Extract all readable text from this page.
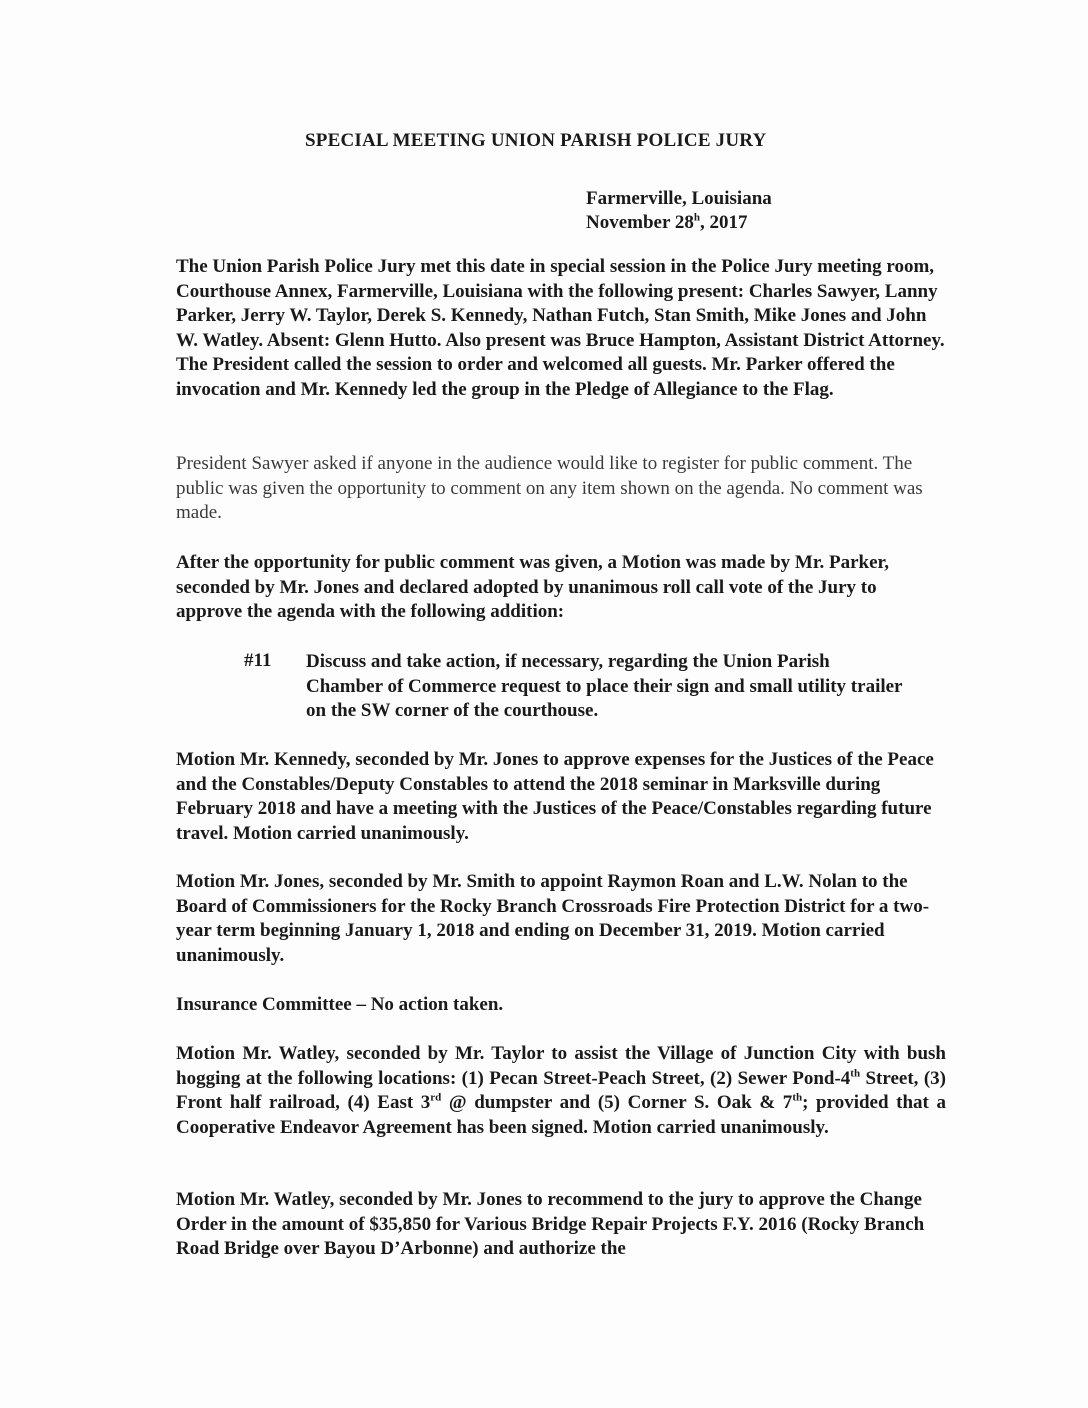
SPECIAL MEETING UNION PARISH POLICE JURY
Farmerville, Louisiana
November 28$^h$, 2017
The Union Parish Police Jury met this date in special session in the Police Jury meeting room, Courthouse Annex, Farmerville, Louisiana with the following present: Charles Sawyer, Lanny Parker, Jerry W. Taylor, Derek S. Kennedy, Nathan Futch, Stan Smith, Mike Jones and John W. Watley. Absent: Glenn Hutto. Also present was Bruce Hampton, Assistant District Attorney. The President called the session to order and welcomed all guests. Mr. Parker offered the invocation and Mr. Kennedy led the group in the Pledge of Allegiance to the Flag.
President Sawyer asked if anyone in the audience would like to register for public comment. The public was given the opportunity to comment on any item shown on the agenda. No comment was made.
After the opportunity for public comment was given, a Motion was made by Mr. Parker, seconded by Mr. Jones and declared adopted by unanimous roll call vote of the Jury to approve the agenda with the following addition:
#11 Discuss and take action, if necessary, regarding the Union Parish Chamber of Commerce request to place their sign and small utility trailer on the SW corner of the courthouse.
Motion Mr. Kennedy, seconded by Mr. Jones to approve expenses for the Justices of the Peace and the Constables/Deputy Constables to attend the 2018 seminar in Marksville during February 2018 and have a meeting with the Justices of the Peace/Constables regarding future travel. Motion carried unanimously.
Motion Mr. Jones, seconded by Mr. Smith to appoint Raymon Roan and L.W. Nolan to the Board of Commissioners for the Rocky Branch Crossroads Fire Protection District for a two-year term beginning January 1, 2018 and ending on December 31, 2019. Motion carried unanimously.
Insurance Committee – No action taken.
Motion Mr. Watley, seconded by Mr. Taylor to assist the Village of Junction City with bush hogging at the following locations: (1) Pecan Street-Peach Street, (2) Sewer Pond-4th Street, (3) Front half railroad, (4) East 3rd @ dumpster and (5) Corner S. Oak & 7th; provided that a Cooperative Endeavor Agreement has been signed. Motion carried unanimously.
Motion Mr. Watley, seconded by Mr. Jones to recommend to the jury to approve the Change Order in the amount of $35,850 for Various Bridge Repair Projects F.Y. 2016 (Rocky Branch Road Bridge over Bayou D’Arbonne) and authorize the
